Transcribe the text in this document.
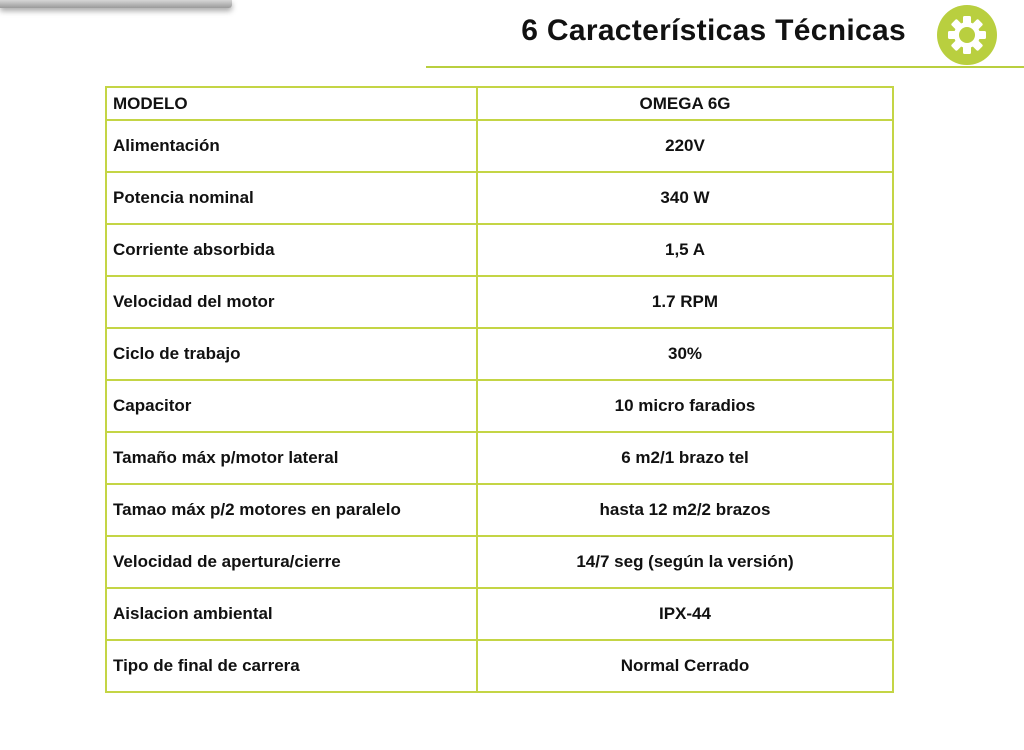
6 Características Técnicas
MODELO	OMEGA 6G
Alimentación	220V
Potencia nominal	340 W
Corriente absorbida	1,5 A
Velocidad del motor	1.7 RPM
Ciclo de trabajo	30%
Capacitor	10 micro faradios
Tamaño máx p/motor lateral	6 m2/1 brazo tel
Tamao máx p/2 motores en paralelo	hasta 12 m2/2 brazos
Velocidad de apertura/cierre	14/7 seg (según la versión)
Aislacion ambiental	IPX-44
Tipo de final de carrera	Normal Cerrado
